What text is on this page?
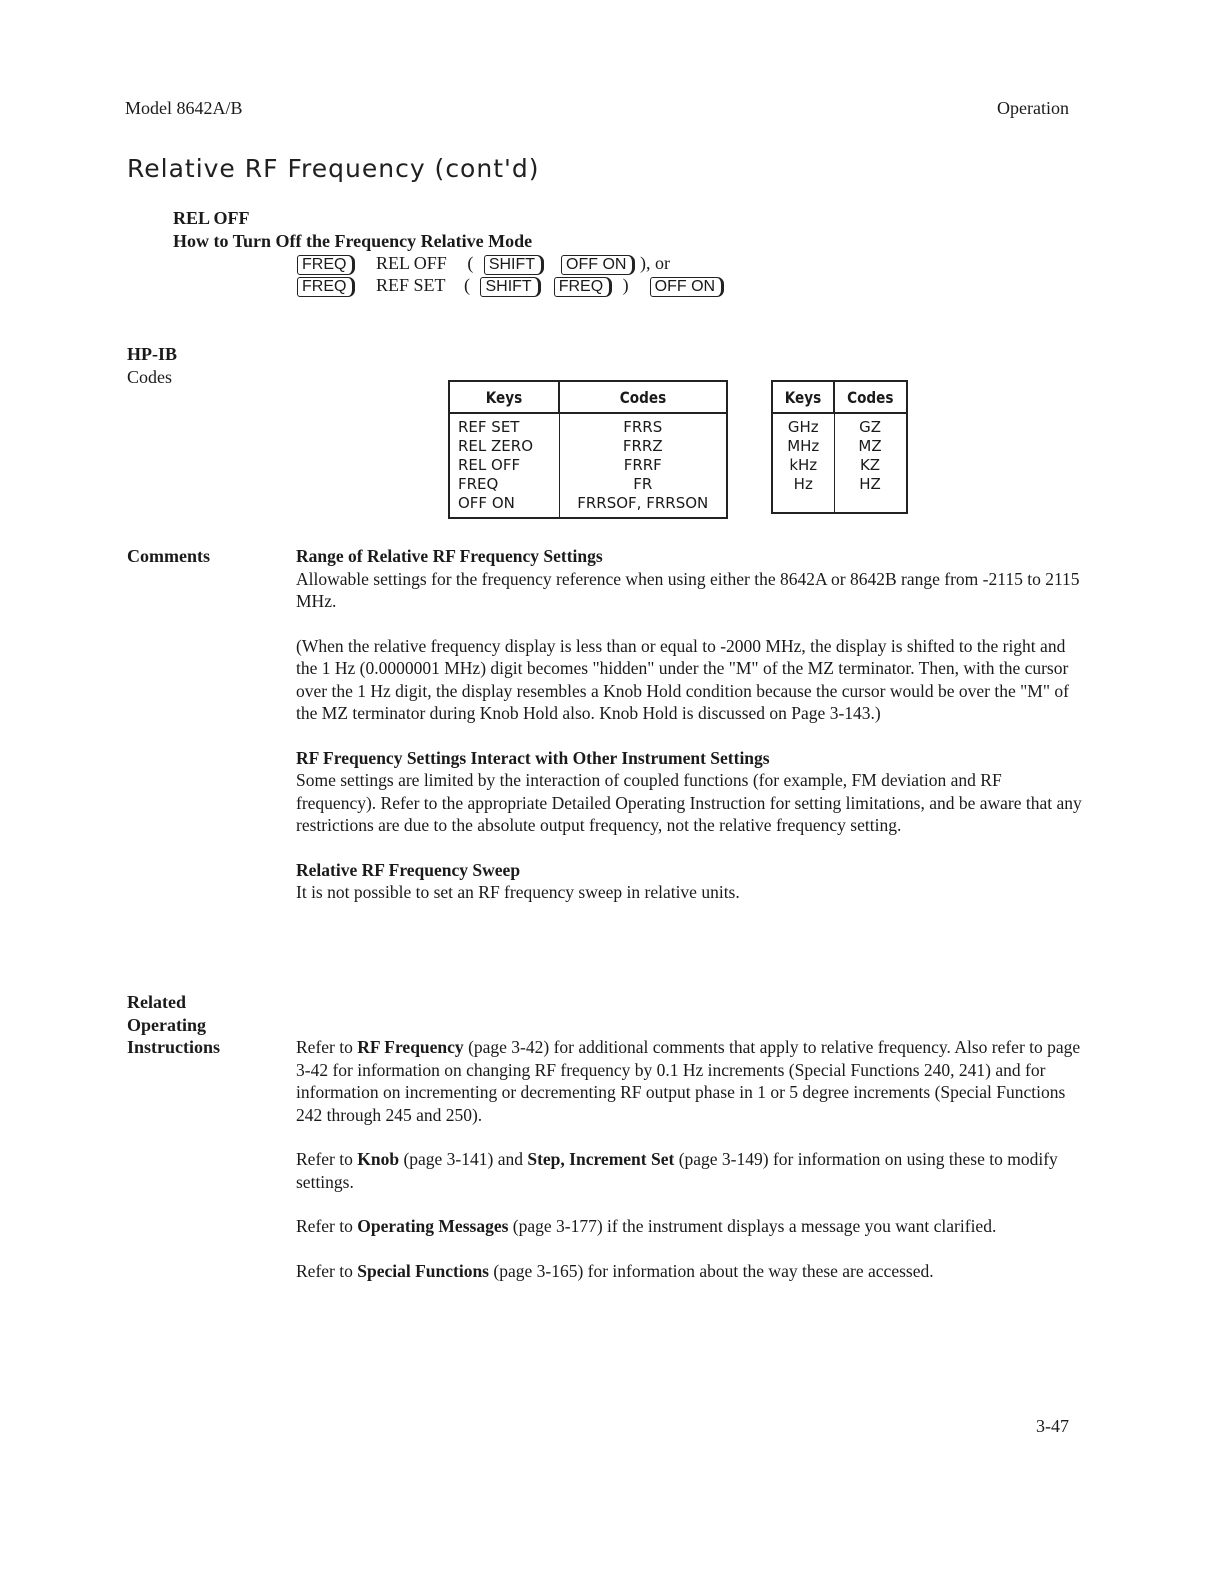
Model 8642A/B	Operation
Relative RF Frequency (cont'd)
REL OFF
How to Turn Off the Frequency Relative Mode
FREQ REL OFF ( SHIFT OFF ON ), or
FREQ REF SET ( SHIFT FREQ ) OFF ON
HP-IB
Codes
Keys	Codes
REF SET	FRRS
REL ZERO	FRRZ
REL OFF	FRRF
FREQ	FR
OFF ON	FRRSOF, FRRSON
Keys	Codes
GHz	GZ
MHz	MZ
kHz	KZ
Hz	HZ
Comments	Range of Relative RF Frequency Settings

Allowable settings for the frequency reference when using either the 8642A or 8642B range from -2115 to 2115 MHz.

(When the relative frequency display is less than or equal to -2000 MHz, the display is shifted to the right and the 1 Hz (0.0000001 MHz) digit becomes "hidden" under the "M" of the MZ terminator. Then, with the cursor over the 1 Hz digit, the display resembles a Knob Hold condition because the cursor would be over the "M" of the MZ terminator during Knob Hold also. Knob Hold is discussed on Page 3-143.)

RF Frequency Settings Interact with Other Instrument Settings

Some settings are limited by the interaction of coupled functions (for example, FM deviation and RF frequency). Refer to the appropriate Detailed Operating Instruction for setting limitations, and be aware that any restrictions are due to the absolute output frequency, not the relative frequency setting.

Relative RF Frequency Sweep

It is not possible to set an RF frequency sweep in relative units.

Related
Operating
Instructions	Refer to RF Frequency (page 3-42) for additional comments that apply to relative frequency. Also refer to page 3-42 for information on changing RF frequency by 0.1 Hz increments (Special Functions 240, 241) and for information on incrementing or decrementing RF output phase in 1 or 5 degree increments (Special Functions 242 through 245 and 250).

Refer to Knob (page 3-141) and Step, Increment Set (page 3-149) for information on using these to modify settings.

Refer to Operating Messages (page 3-177) if the instrument displays a message you want clarified.

Refer to Special Functions (page 3-165) for information about the way these are accessed.

3-47
